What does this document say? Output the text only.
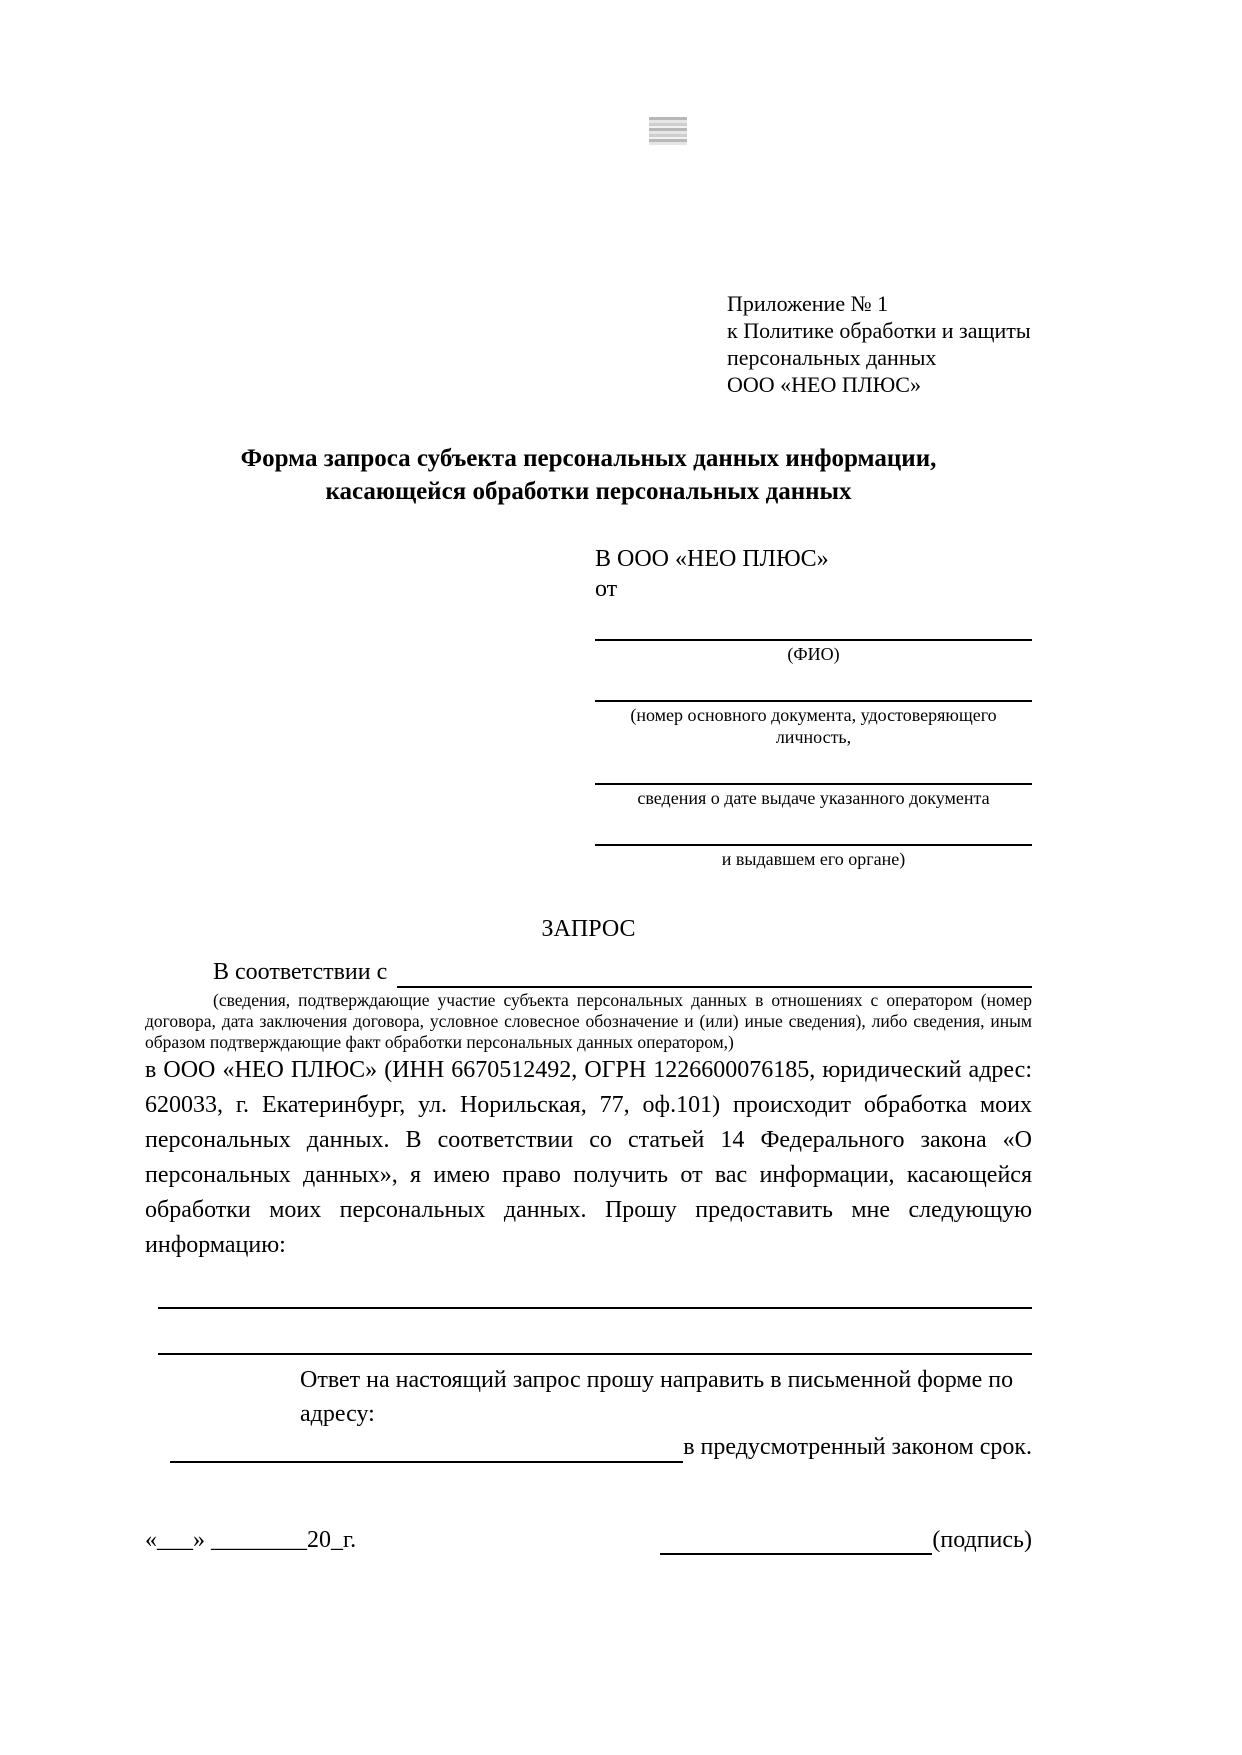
Приложение № 1
к Политике обработки и защиты
персональных данных
ООО «НЕО ПЛЮС»
Форма запроса субъекта персональных данных информации,
касающейся обработки персональных данных
В ООО «НЕО ПЛЮС»
от
(ФИО)
(номер основного документа, удостоверяющего личность,
сведения о дате выдаче указанного документа
и выдавшем его органе)
ЗАПРОС
В соответствии с
(сведения, подтверждающие участие субъекта персональных данных в отношениях с оператором (номер договора, дата заключения договора, условное словесное обозначение и (или) иные сведения), либо сведения, иным образом подтверждающие факт обработки персональных данных оператором,)
в ООО «НЕО ПЛЮС» (ИНН 6670512492, ОГРН 1226600076185, юридический адрес: 620033, г. Екатеринбург, ул. Норильская, 77, оф.101) происходит обработка моих персональных данных. В соответствии со статьей 14 Федерального закона «О персональных данных», я имею право получить от вас информации, касающейся обработки моих персональных данных. Прошу предоставить мне следующую информацию:
Ответ на настоящий запрос прошу направить в письменной форме по адресу:
в предусмотренный законом срок.
«___» ________20_г.	(подпись)
